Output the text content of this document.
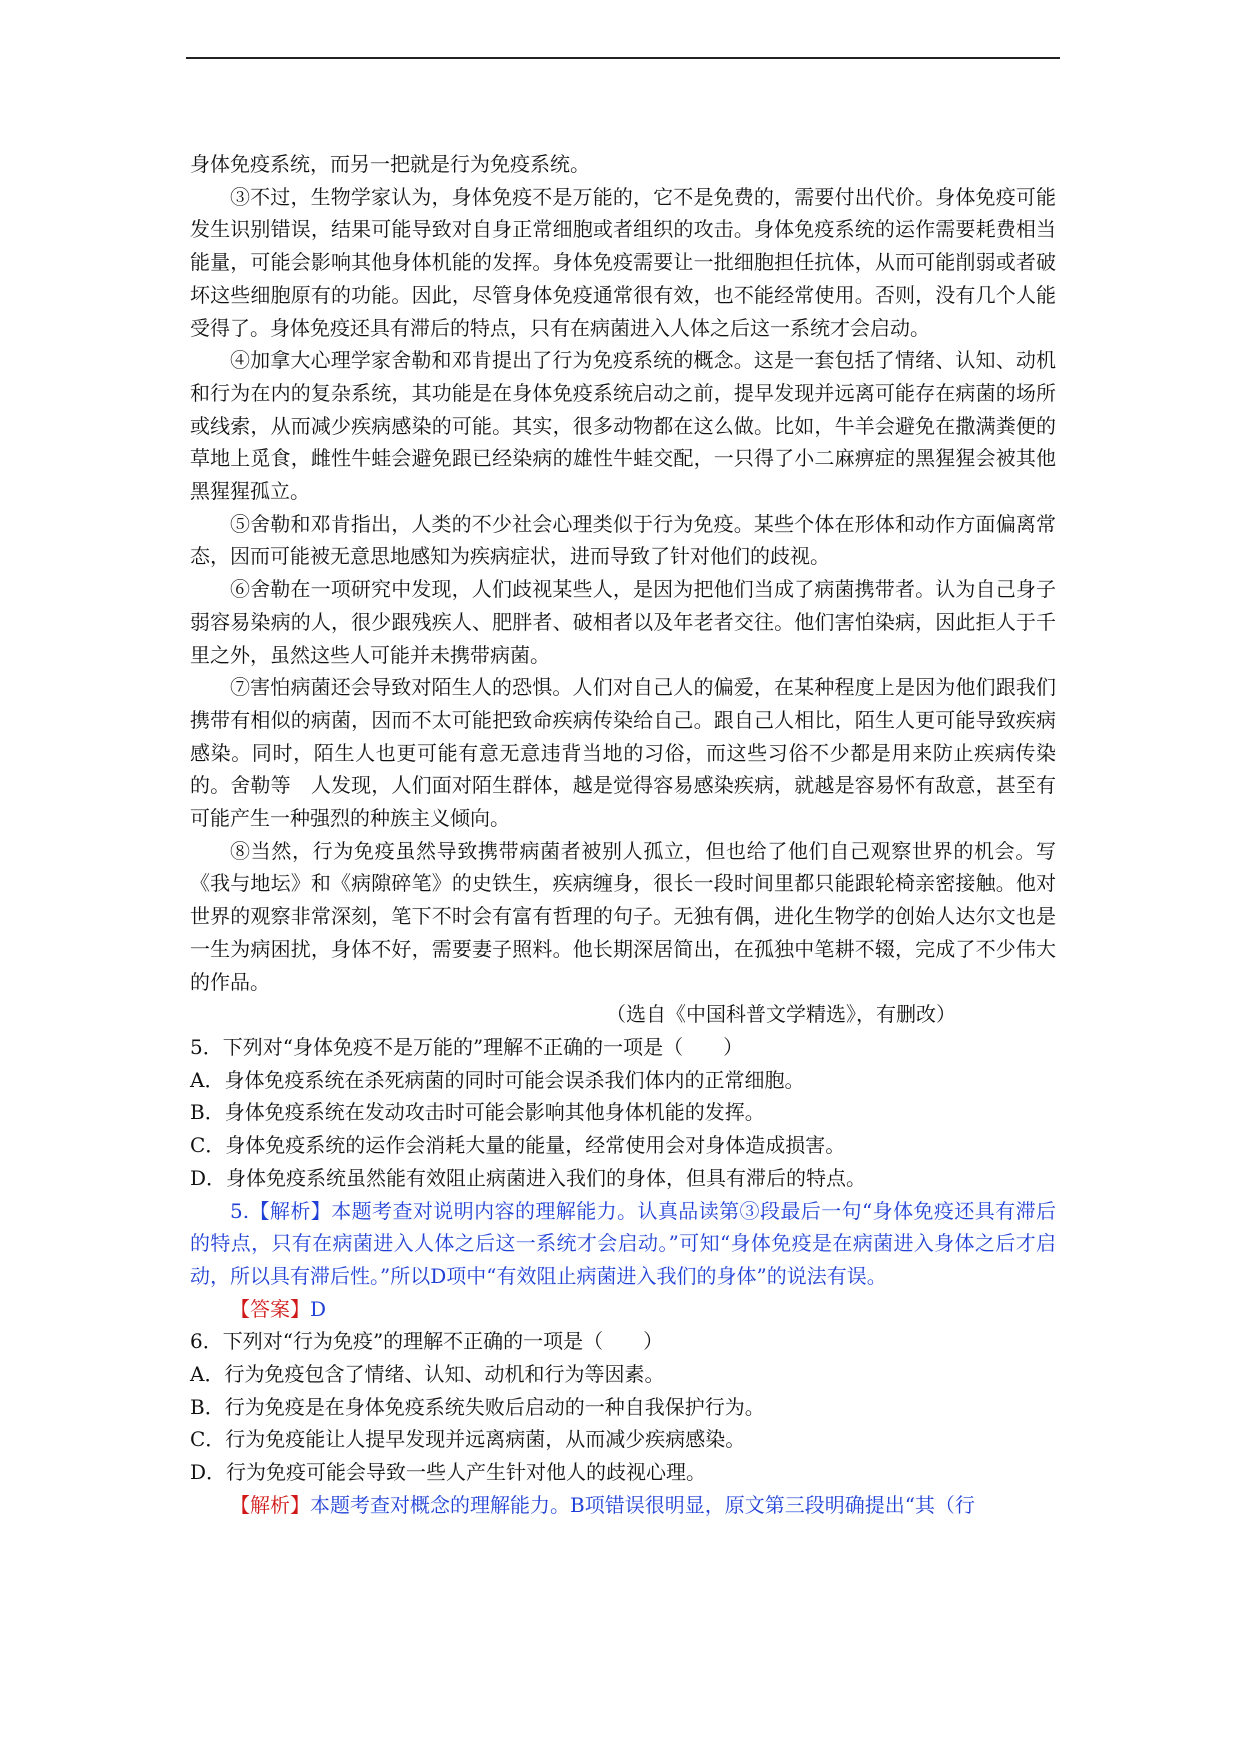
身体免疫系统，而另一把就是行为免疫系统。

③不过，生物学家认为，身体免疫不是万能的，它不是免费的，需要付出代价。身体免疫可能发生识别错误，结果可能导致对自身正常细胞或者组织的攻击。身体免疫系统的运作需要耗费相当能量，可能会影响其他身体机能的发挥。身体免疫需要让一批细胞担任抗体，从而可能削弱或者破坏这些细胞原有的功能。因此，尽管身体免疫通常很有效，也不能经常使用。否则，没有几个人能受得了。身体免疫还具有滞后的特点，只有在病菌进入人体之后这一系统才会启动。

④加拿大心理学家舍勒和邓肯提出了行为免疫系统的概念。这是一套包括了情绪、认知、动机和行为在内的复杂系统，其功能是在身体免疫系统启动之前，提早发现并远离可能存在病菌的场所或线索，从而减少疾病感染的可能。其实，很多动物都在这么做。比如，牛羊会避免在撒满粪便的草地上觅食，雌性牛蛙会避免跟已经染病的雄性牛蛙交配，一只得了小二麻痹症的黑猩猩会被其他黑猩猩孤立。

⑤舍勒和邓肯指出，人类的不少社会心理类似于行为免疫。某些个体在形体和动作方面偏离常态，因而可能被无意思地感知为疾病症状，进而导致了针对他们的歧视。

⑥舍勒在一项研究中发现，人们歧视某些人，是因为把他们当成了病菌携带者。认为自己身子弱容易染病的人，很少跟残疾人、肥胖者、破相者以及年老者交往。他们害怕染病，因此拒人于千里之外，虽然这些人可能并未携带病菌。

⑦害怕病菌还会导致对陌生人的恐惧。人们对自己人的偏爱，在某种程度上是因为他们跟我们携带有相似的病菌，因而不太可能把致命疾病传染给自己。跟自己人相比，陌生人更可能导致疾病感染。同时，陌生人也更可能有意无意违背当地的习俗，而这些习俗不少都是用来防止疾病传染的。舍勒等　人发现，人们面对陌生群体，越是觉得容易感染疾病，就越是容易怀有敌意，甚至有可能产生一种强烈的种族主义倾向。

⑧当然，行为免疫虽然导致携带病菌者被别人孤立，但也给了他们自己观察世界的机会。写《我与地坛》和《病隙碎笔》的史铁生，疾病缠身，很长一段时间里都只能跟轮椅亲密接触。他对世界的观察非常深刻，笔下不时会有富有哲理的句子。无独有偶，进化生物学的创始人达尔文也是一生为病困扰，身体不好，需要妻子照料。他长期深居简出，在孤独中笔耕不辍，完成了不少伟大的作品。

（选自《中国科普文学精选》，有删改）

5．下列对“身体免疫不是万能的”理解不正确的一项是（　　）

A．身体免疫系统在杀死病菌的同时可能会误杀我们体内的正常细胞。

B．身体免疫系统在发动攻击时可能会影响其他身体机能的发挥。

C．身体免疫系统的运作会消耗大量的能量，经常使用会对身体造成损害。

D．身体免疫系统虽然能有效阻止病菌进入我们的身体，但具有滞后的特点。

5.【解析】本题考查对说明内容的理解能力。认真品读第③段最后一句“身体免疫还具有滞后的特点，只有在病菌进入人体之后这一系统才会启动。”可知“身体免疫是在病菌进入身体之后才启动，所以具有滞后性。”所以D项中“有效阻止病菌进入我们的身体”的说法有误。

【答案】D

6．下列对“行为免疫”的理解不正确的一项是（　　）

A．行为免疫包含了情绪、认知、动机和行为等因素。

B．行为免疫是在身体免疫系统失败后启动的一种自我保护行为。

C．行为免疫能让人提早发现并远离病菌，从而减少疾病感染。

D．行为免疫可能会导致一些人产生针对他人的歧视心理。

【解析】本题考查对概念的理解能力。B项错误很明显，原文第三段明确提出“其（行
